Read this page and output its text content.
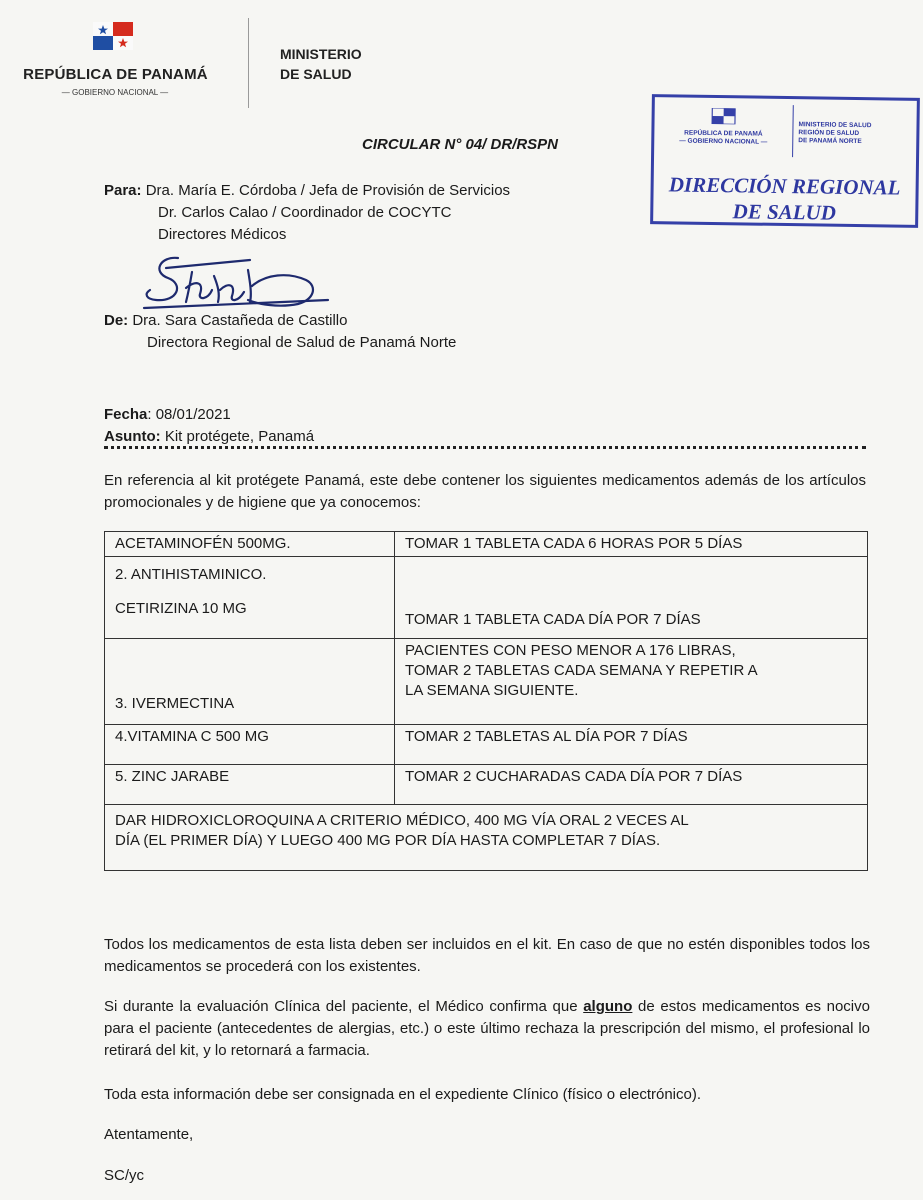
REPÚBLICA DE PANAMÁ
— GOBIERNO NACIONAL —
MINISTERIO
DE SALUD
REPÚBLICA DE PANAMÁ
— GOBIERNO NACIONAL —
MINISTERIO DE SALUD
REGIÓN DE SALUD
DE PANAMÁ NORTE
DIRECCIÓN REGIONAL
DE SALUD
CIRCULAR N° 04/ DR/RSPN
Para: Dra. María E. Córdoba / Jefa de Provisión de Servicios
Dr. Carlos Calao / Coordinador de COCYTC
Directores Médicos
De: Dra. Sara Castañeda de Castillo
Directora Regional de Salud de Panamá Norte
Fecha: 08/01/2021
Asunto: Kit protégete, Panamá
En referencia al kit protégete Panamá, este debe contener los siguientes medicamentos además de los artículos promocionales y de higiene que ya conocemos:
ACETAMINOFÉN 500MG.	TOMAR 1 TABLETA CADA 6 HORAS POR 5 DÍAS

2. ANTIHISTAMINICO.
CETIRIZINA 10 MG	TOMAR 1 TABLETA CADA DÍA POR 7 DÍAS
3. IVERMECTINA	PACIENTES CON PESO MENOR A 176 LIBRAS,
TOMAR 2 TABLETAS CADA SEMANA Y REPETIR A
LA SEMANA SIGUIENTE.

4.VITAMINA C 500 MG	TOMAR 2 TABLETAS AL DÍA POR 7 DÍAS
5. ZINC JARABE	TOMAR 2 CUCHARADAS CADA DÍA POR 7 DÍAS

DAR HIDROXICLOROQUINA A CRITERIO MÉDICO, 400 MG VÍA ORAL 2 VECES AL
DÍA (EL PRIMER DÍA) Y LUEGO 400 MG POR DÍA HASTA COMPLETAR 7 DÍAS.	
Todos los medicamentos de esta lista deben ser incluidos en el kit. En caso de que no estén disponibles todos los medicamentos se procederá con los existentes.
Si durante la evaluación Clínica del paciente, el Médico confirma que alguno de estos medicamentos es nocivo para el paciente (antecedentes de alergias, etc.) o este último rechaza la prescripción del mismo, el profesional lo retirará del kit, y lo retornará a farmacia.
Toda esta información debe ser consignada en el expediente Clínico (físico o electrónico).
Atentamente,
SC/yc
